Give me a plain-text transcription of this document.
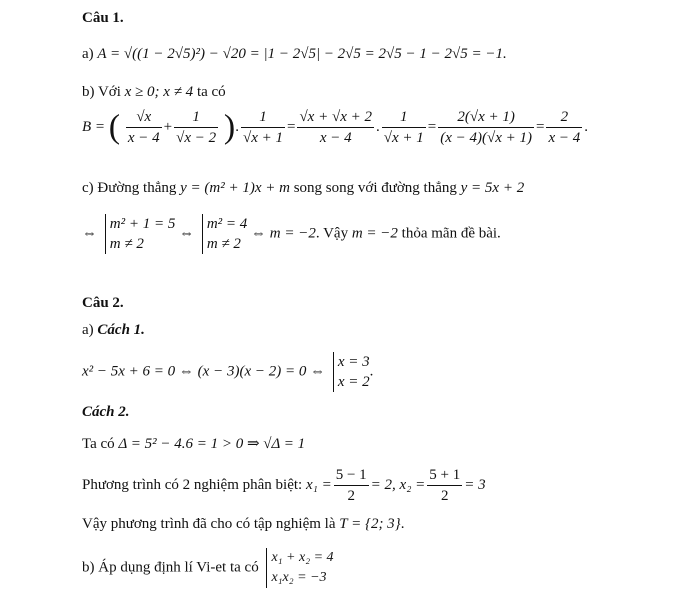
Câu 1.
a) A = √((1 − 2√5)²) − √20 = |1 − 2√5| − 2√5 = 2√5 − 1 − 2√5 = −1.
b) Với x ≥ 0; x ≠ 4 ta có
B = ( $\frac{√x}{x - 4} + \frac{1}{√x - 2}$ ). $\frac{1}{√x + 1} = \frac{√x + √x + 2}{x - 4}$ . $\frac{1}{√x + 1} = \frac{2(√x + 1)}{(x - 4)(√x + 1)} = \frac{2}{x - 4}$ .
c) Đường thẳng y = (m² + 1)x + m song song với đường thẳng y = 5x + 2
⇔
m² + 1 = 5
m ≠ 2
⇔
m² = 4
m ≠ 2
⇔ m = −2. Vậy m = −2 thỏa mãn đề bài.
Câu 2.
a) Cách 1.
x² − 5x + 6 = 0 ⇔ (x − 3)(x − 2) = 0 ⇔
x = 3
x = 2
.
Cách 2.
Ta có Δ = 5² − 4.6 = 1 > 0 ⇒ √Δ = 1
Phương trình có 2 nghiệm phân biệt: $x_1 = \frac{5 - 1}{2} = 2$, $x_2 = \frac{5 + 1}{2} = 3$
Vậy phương trình đã cho có tập nghiệm là T = {2; 3}.
b) Áp dụng định lí Vi-et ta có
x₁ + x₂ = 4
x₁x₂ = −3
